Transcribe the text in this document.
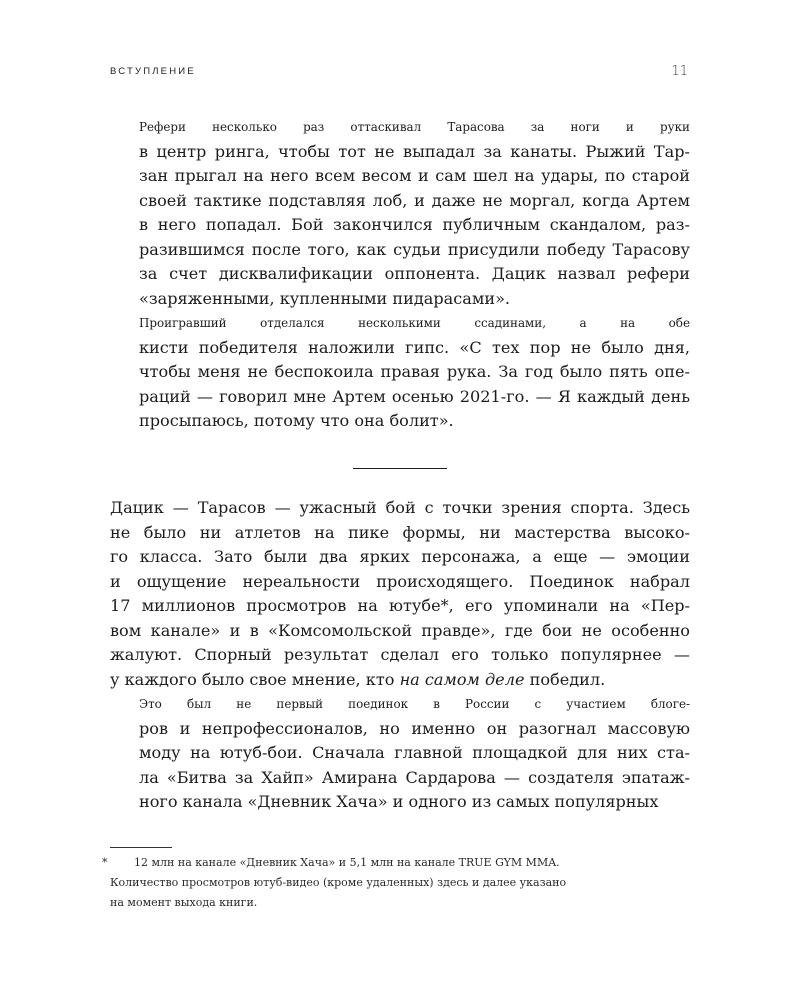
ВСТУПЛЕНИЕ	11

Рефери несколько раз оттаскивал Тарасова за ноги и руки
в центр ринга, чтобы тот не выпадал за канаты. Рыжий Тар-
зан прыгал на него всем весом и сам шел на удары, по старой
своей тактике подставляя лоб, и даже не моргал, когда Артем
в него попадал. Бой закончился публичным скандалом, раз-
разившимся после того, как судьи присудили победу Тарасову
за счет дисквалификации оппонента. Дацик назвал рефери
«заряженными, купленными пидарасами».

Проигравший отделался несколькими ссадинами, а на обе
кисти победителя наложили гипс. «С тех пор не было дня,
чтобы меня не беспокоила правая рука. За год было пять опе-
раций — говорил мне Артем осенью 2021-го. — Я каждый день
просыпаюсь, потому что она болит».

Дацик — Тарасов — ужасный бой с точки зрения спорта. Здесь
не было ни атлетов на пике формы, ни мастерства высоко-
го класса. Зато были два ярких персонажа, а еще — эмоции
и ощущение нереальности происходящего. Поединок набрал
17 миллионов просмотров на ютубе*, его упоминали на «Пер-
вом канале» и в «Комсомольской правде», где бои не особенно
жалуют. Спорный результат сделал его только популярнее —
у каждого было свое мнение, кто на самом деле победил.

Это был не первый поединок в России с участием блоге-
ров и непрофессионалов, но именно он разогнал массовую
моду на ютуб-бои. Сначала главной площадкой для них ста-
ла «Битва за Хайп» Амирана Сардарова — создателя эпатаж-
ного канала «Дневник Хача» и одного из самых популярных

*	12 млн на канале «Дневник Хача» и 5,1 млн на канале TRUE GYM MMA.
Количество просмотров ютуб-видео (кроме удаленных) здесь и далее указано
на момент выхода книги.
